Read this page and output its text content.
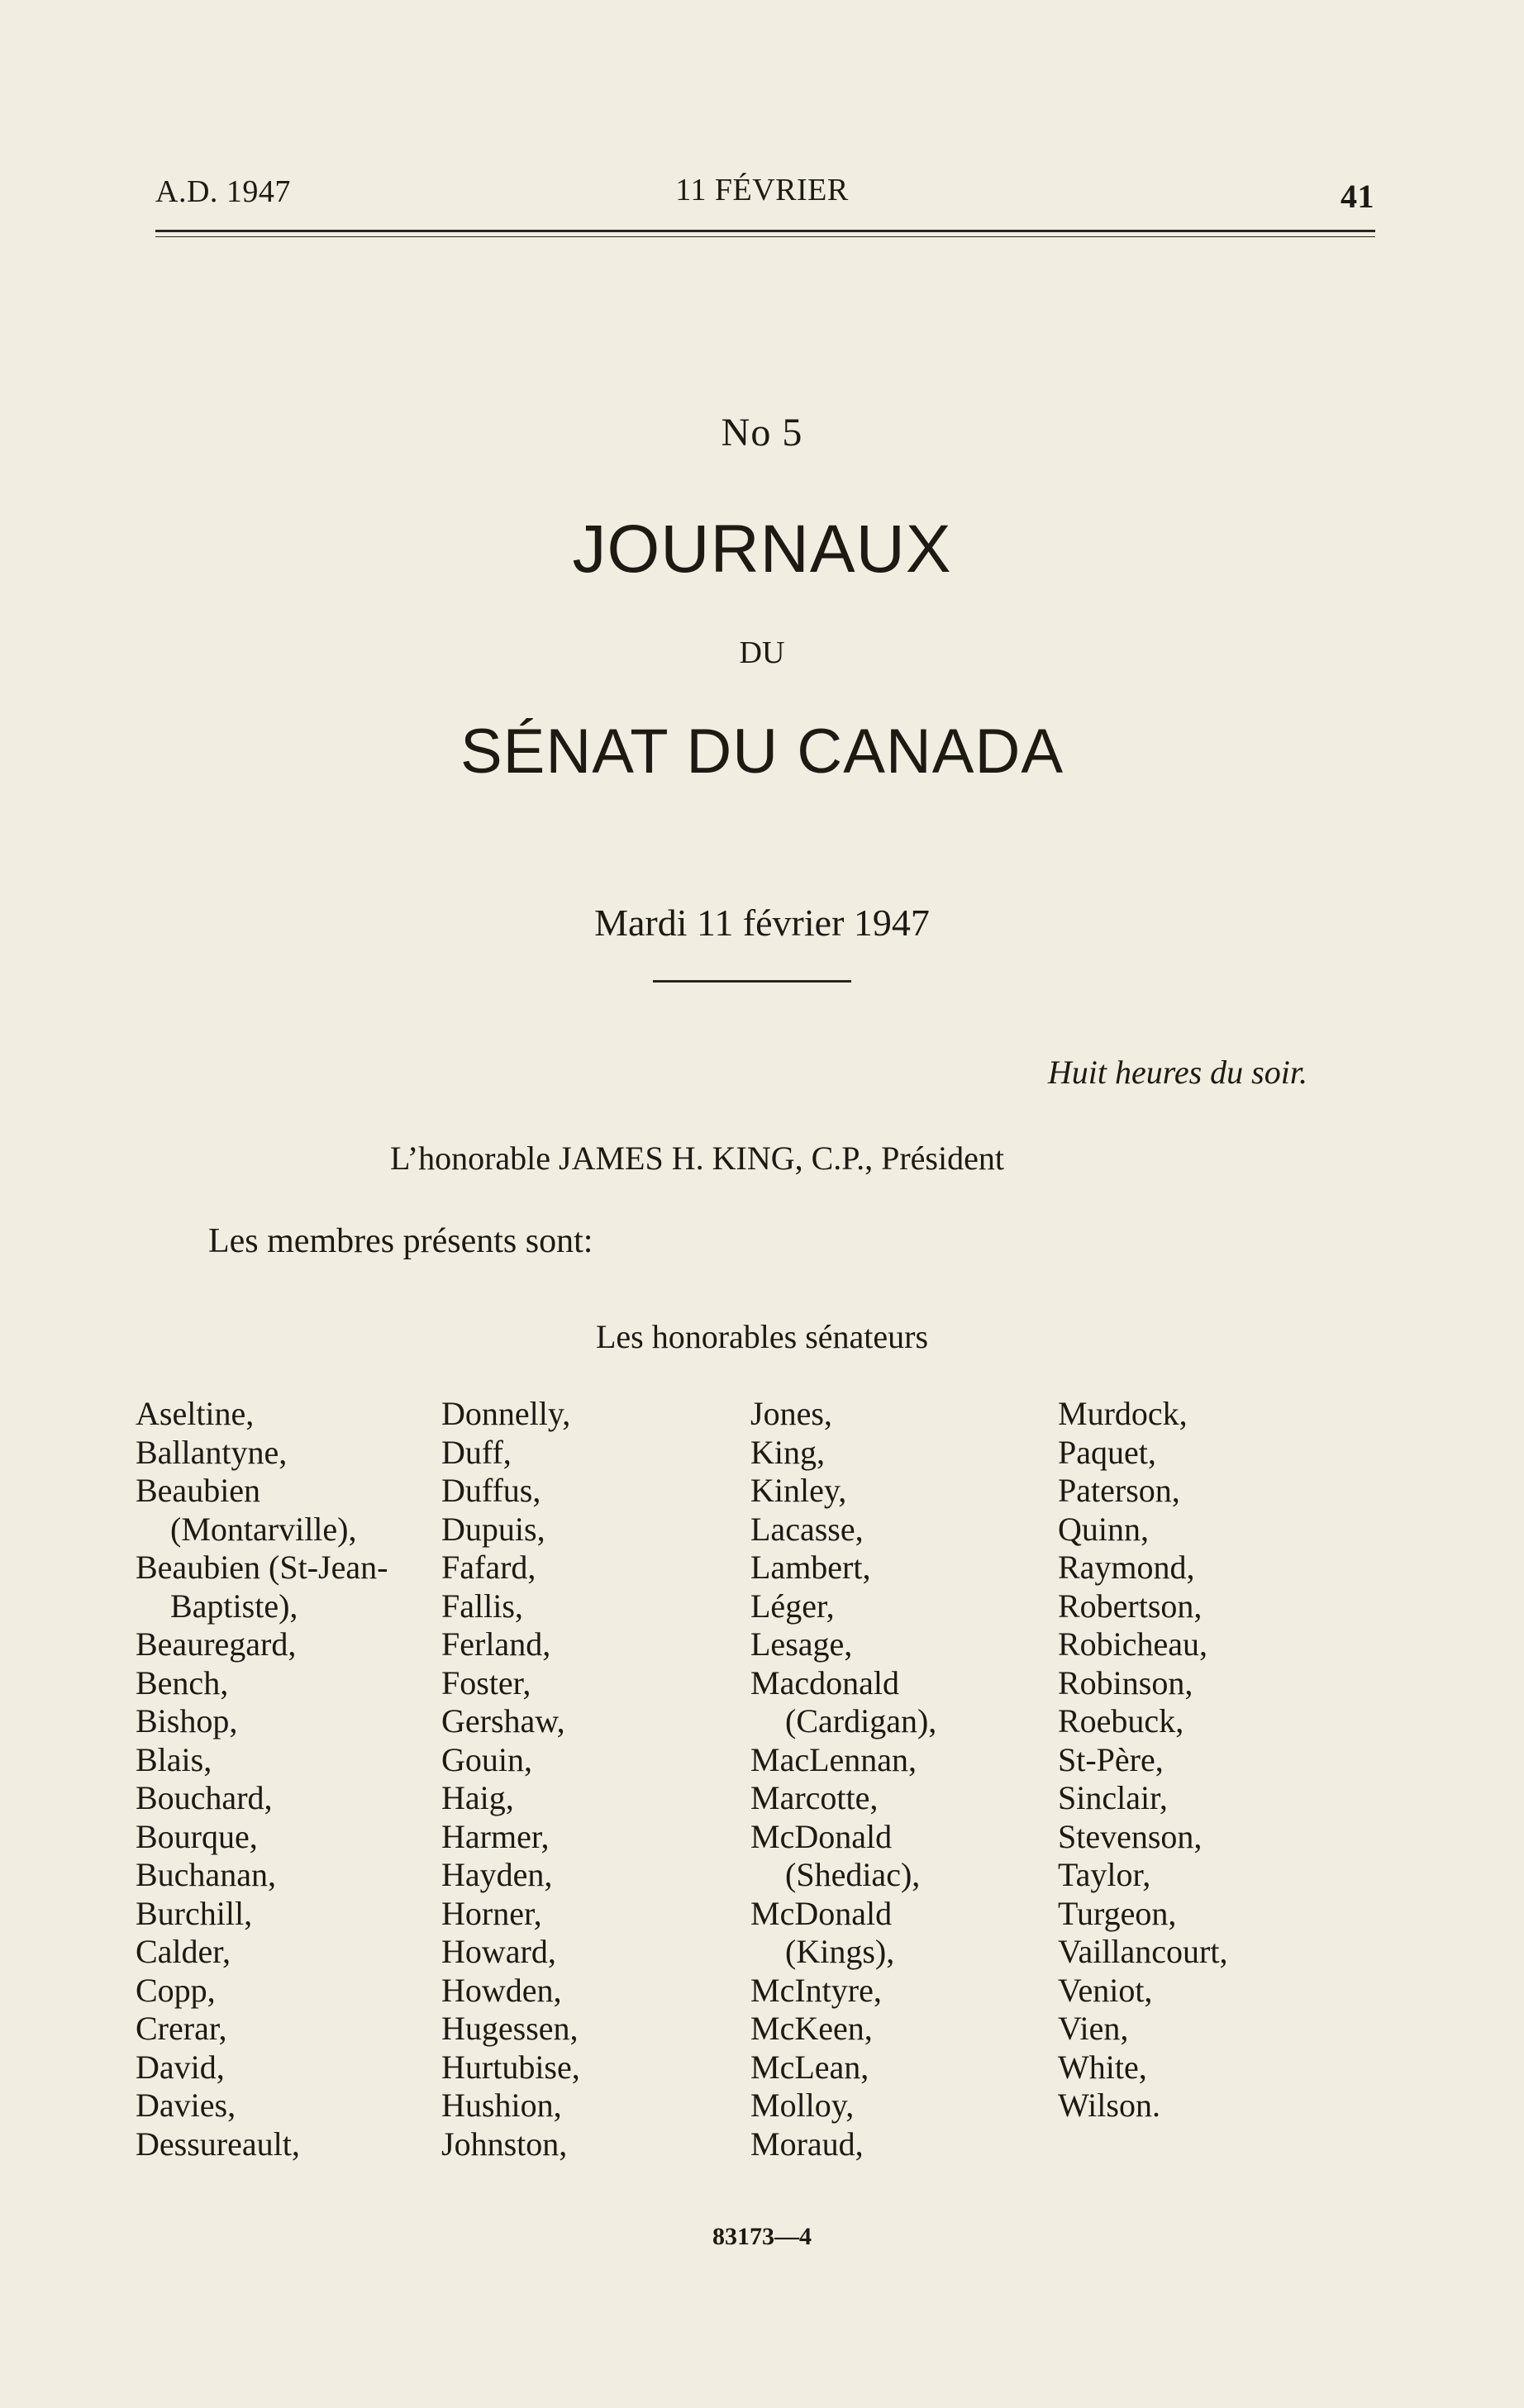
A.D. 1947	11 FÉVRIER	41
No 5
JOURNAUX
DU
SÉNAT DU CANADA
Mardi 11 février 1947
Huit heures du soir.
L’honorable JAMES H. KING, C.P., Président
Les membres présents sont:
Les honorables sénateurs
Aseltine,
Ballantyne,
Beaubien
(Montarville),
Beaubien (St-Jean-
Baptiste),
Beauregard,
Bench,
Bishop,
Blais,
Bouchard,
Bourque,
Buchanan,
Burchill,
Calder,
Copp,
Crerar,
David,
Davies,
Dessureault,
Donnelly,
Duff,
Duffus,
Dupuis,
Fafard,
Fallis,
Ferland,
Foster,
Gershaw,
Gouin,
Haig,
Harmer,
Hayden,
Horner,
Howard,
Howden,
Hugessen,
Hurtubise,
Hushion,
Johnston,
Jones,
King,
Kinley,
Lacasse,
Lambert,
Léger,
Lesage,
Macdonald
(Cardigan),
MacLennan,
Marcotte,
McDonald
(Shediac),
McDonald
(Kings),
McIntyre,
McKeen,
McLean,
Molloy,
Moraud,
Murdock,
Paquet,
Paterson,
Quinn,
Raymond,
Robertson,
Robicheau,
Robinson,
Roebuck,
St-Père,
Sinclair,
Stevenson,
Taylor,
Turgeon,
Vaillancourt,
Veniot,
Vien,
White,
Wilson.
83173—4
